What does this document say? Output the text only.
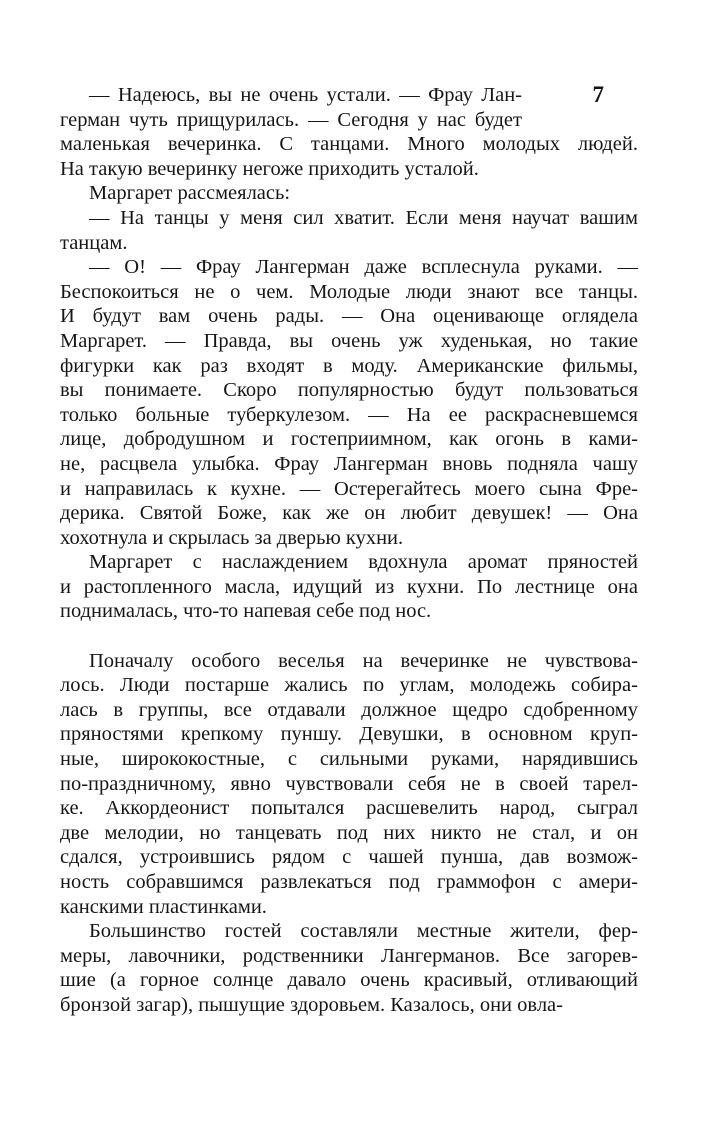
7
— Надеюсь, вы не очень устали. — Фрау Лан-
герман чуть прищурилась. — Сегодня у нас будет
маленькая вечеринка. С танцами. Много молодых людей.
На такую вечеринку негоже приходить усталой.
Маргарет рассмеялась:
— На танцы у меня сил хватит. Если меня научат вашим
танцам.
— О! — Фрау Лангерман даже всплеснула руками. —
Беспокоиться не о чем. Молодые люди знают все танцы.
И будут вам очень рады. — Она оценивающе оглядела
Маргарет. — Правда, вы очень уж худенькая, но такие
фигурки как раз входят в моду. Американские фильмы,
вы понимаете. Скоро популярностью будут пользоваться
только больные туберкулезом. — На ее раскрасневшемся
лице, добродушном и гостеприимном, как огонь в ками-
не, расцвела улыбка. Фрау Лангерман вновь подняла чашу
и направилась к кухне. — Остерегайтесь моего сына Фре-
дерика. Святой Боже, как же он любит девушек! — Она
хохотнула и скрылась за дверью кухни.
Маргарет с наслаждением вдохнула аромат пряностей
и растопленного масла, идущий из кухни. По лестнице она
поднималась, что-то напевая себе под нос.
Поначалу особого веселья на вечеринке не чувствова-
лось. Люди постарше жались по углам, молодежь собира-
лась в группы, все отдавали должное щедро сдобренному
пряностями крепкому пуншу. Девушки, в основном круп-
ные, ширококостные, с сильными руками, нарядившись
по-праздничному, явно чувствовали себя не в своей тарел-
ке. Аккордеонист попытался расшевелить народ, сыграл
две мелодии, но танцевать под них никто не стал, и он
сдался, устроившись рядом с чашей пунша, дав возмож-
ность собравшимся развлекаться под граммофон с амери-
канскими пластинками.
Большинство гостей составляли местные жители, фер-
меры, лавочники, родственники Лангерманов. Все загорев-
шие (а горное солнце давало очень красивый, отливающий
бронзой загар), пышущие здоровьем. Казалось, они овла-
